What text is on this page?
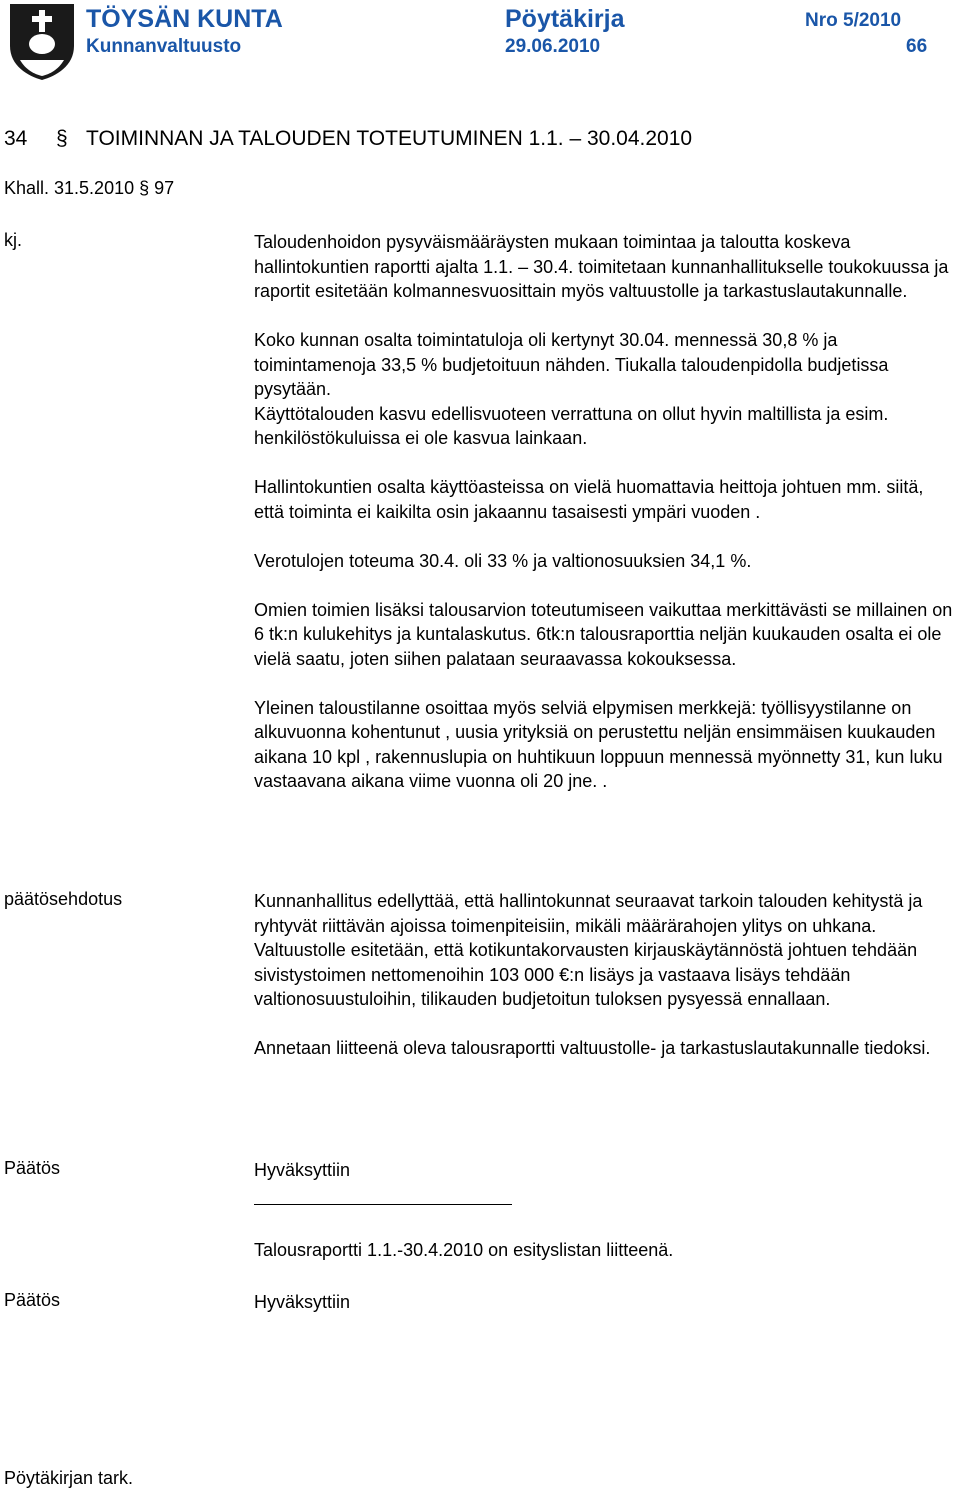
TÖYSÄN KUNTA
Kunnanvaltuusto
Pöytäkirja
29.06.2010
Nro 5/2010
66
34 § TOIMINNAN JA TALOUDEN TOTEUTUMINEN 1.1. – 30.04.2010
Khall. 31.5.2010 § 97
kj.	Taloudenhoidon pysyväismääräysten mukaan toimintaa ja taloutta koskeva hallintokuntien raportti ajalta 1.1. – 30.4. toimitetaan kunnanhallitukselle toukokuussa ja raportit esitetään kolmannesvuosittain myös valtuustolle ja tarkastuslautakunnalle.

Koko kunnan osalta toimintatuloja oli kertynyt 30.04. mennessä 30,8 % ja toimintamenoja 33,5 % budjetoituun nähden. Tiukalla taloudenpidolla budjetissa pysytään.

Käyttötalouden kasvu edellisvuoteen verrattuna on ollut hyvin maltillista ja esim. henkilöstökuluissa ei ole kasvua lainkaan.

Hallintokuntien osalta käyttöasteissa on vielä huomattavia heittoja johtuen mm. siitä, että toiminta ei kaikilta osin jakaannu tasaisesti ympäri vuoden .

Verotulojen toteuma 30.4. oli 33 % ja valtionosuuksien 34,1 %.

Omien toimien lisäksi talousarvion toteutumiseen vaikuttaa merkittävästi se millainen on 6 tk:n kulukehitys ja kuntalaskutus. 6tk:n talousraporttia neljän kuukauden osalta ei ole vielä saatu, joten siihen palataan seuraavassa kokouksessa.

Yleinen taloustilanne osoittaa myös selviä elpymisen merkkejä: työllisyystilanne on alkuvuonna kohentunut , uusia yrityksiä on perustettu neljän ensimmäisen kuukauden aikana 10 kpl , rakennuslupia on huhtikuun loppuun mennessä myönnetty 31, kun luku vastaavana aikana viime vuonna oli 20 jne. .

päätösehdotus	Kunnanhallitus edellyttää, että hallintokunnat seuraavat tarkoin talouden kehitystä ja ryhtyvät riittävän ajoissa toimenpiteisiin, mikäli määrärahojen ylitys on uhkana.

Valtuustolle esitetään, että kotikuntakorvausten kirjauskäytännöstä johtuen tehdään sivistystoimen nettomenoihin 103 000 €:n lisäys ja vastaava lisäys tehdään valtionosuustuloihin, tilikauden budjetoitun tuloksen pysyessä ennallaan.

Annetaan liitteenä oleva talousraportti valtuustolle- ja tarkastuslautakunnalle tiedoksi.

Päätös	Hyväksyttiin
Talousraportti 1.1.-30.4.2010 on esityslistan liitteenä.
Päätös	Hyväksyttiin
Pöytäkirjan tark.
